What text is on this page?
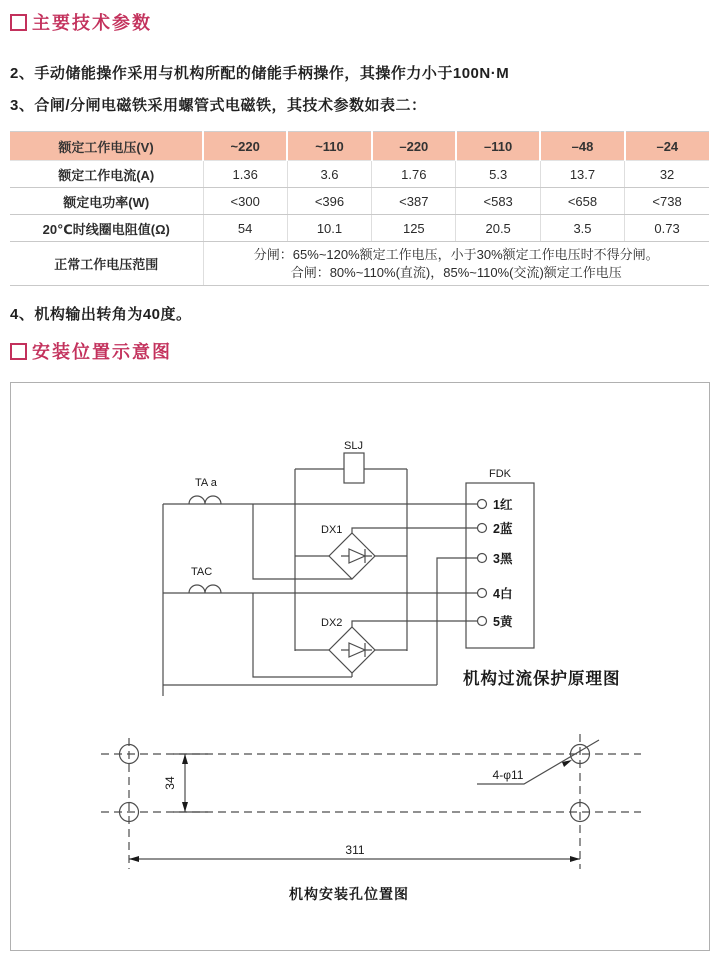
主要技术参数

2、手动储能操作采用与机构所配的储能手柄操作，其操作力小于100N·M

3、合闸/分闸电磁铁采用螺管式电磁铁，其技术参数如表二：

额定工作电压(V)	~220	~110	–220	–110	–48	–24
额定工作电流(A)	1.36	3.6	1.76	5.3	13.7	32
额定电功率(W)	<300	<396	<387	<583	<658	<738
20℃时线圈电阻值(Ω)	54	10.1	125	20.5	3.5	0.73
正常工作电压范围	分闸：65%~120%额定工作电压，小于30%额定工作电压时不得分闸。
合闸：80%~110%(直流)，85%~110%(交流)额定工作电压					

4、机构输出转角为40度。

安装位置示意图
TA a
TAC
SLJ
DX1
DX2
FDK
1红
2蓝
3黑
4白
5黄
机构过流保护原理图
34
311
4-φ11
机构安装孔位置图
